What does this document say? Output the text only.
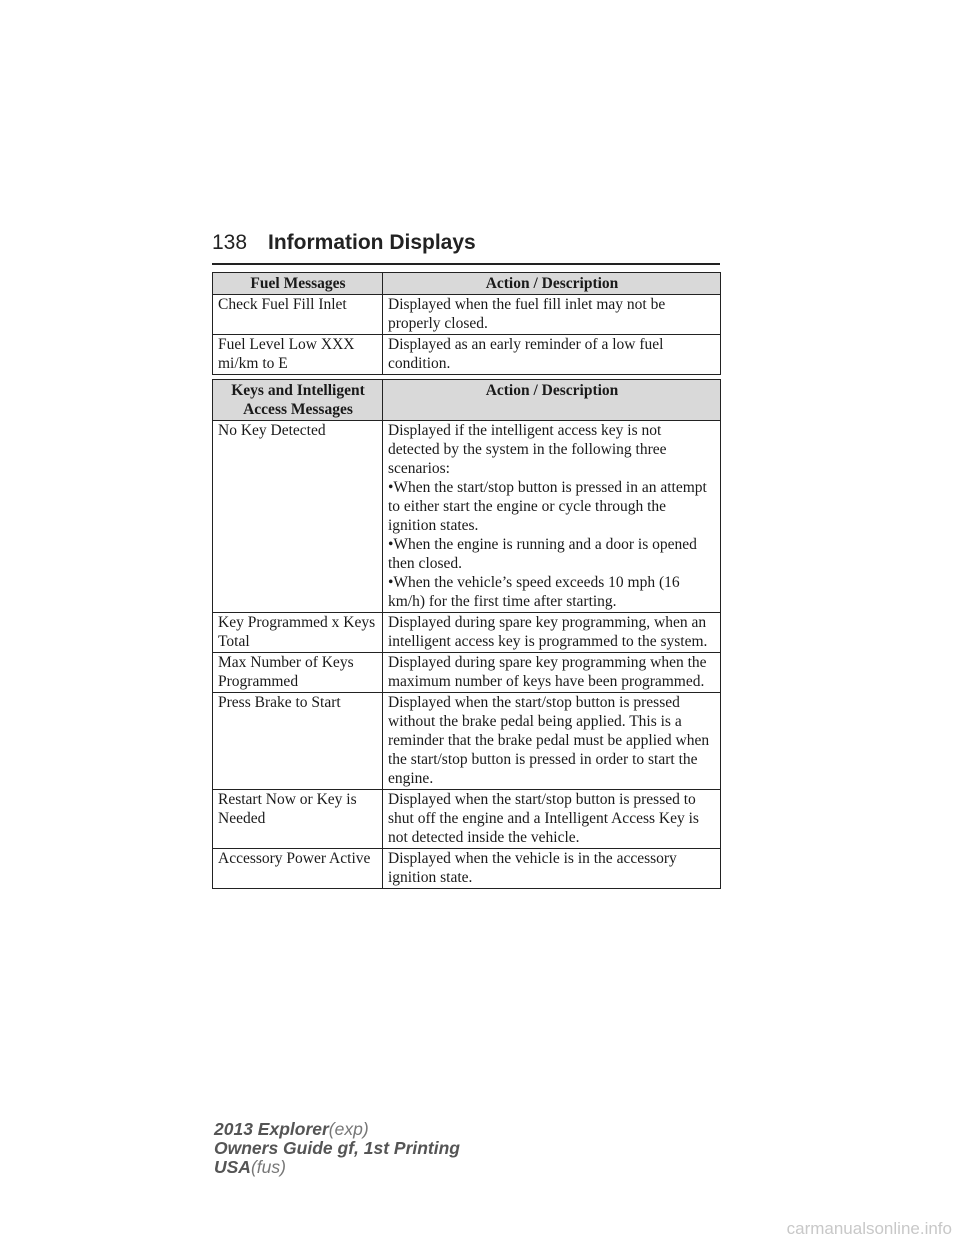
138 Information Displays
Fuel Messages	Action / Description
Check Fuel Fill Inlet	Displayed when the fuel fill inlet may not be properly closed.
Fuel Level Low XXX mi/km to E	Displayed as an early reminder of a low fuel condition.
Keys and Intelligent Access Messages	Action / Description
No Key Detected	Displayed if the intelligent access key is not detected by the system in the following three scenarios:
•When the start/stop button is pressed in an attempt to either start the engine or cycle through the ignition states.
•When the engine is running and a door is opened then closed.
•When the vehicle’s speed exceeds 10 mph (16 km/h) for the first time after starting.

Key Programmed x Keys Total	Displayed during spare key programming, when an intelligent access key is programmed to the system.
Max Number of Keys Programmed	Displayed during spare key programming when the maximum number of keys have been programmed.
Press Brake to Start	Displayed when the start/stop button is pressed without the brake pedal being applied. This is a reminder that the brake pedal must be applied when the start/stop button is pressed in order to start the engine.
Restart Now or Key is Needed	Displayed when the start/stop button is pressed to shut off the engine and a Intelligent Access Key is not detected inside the vehicle.
Accessory Power Active	Displayed when the vehicle is in the accessory ignition state.
2013 Explorer(exp)
Owners Guide gf, 1st Printing
USA(fus)
carmanualsonline.info
